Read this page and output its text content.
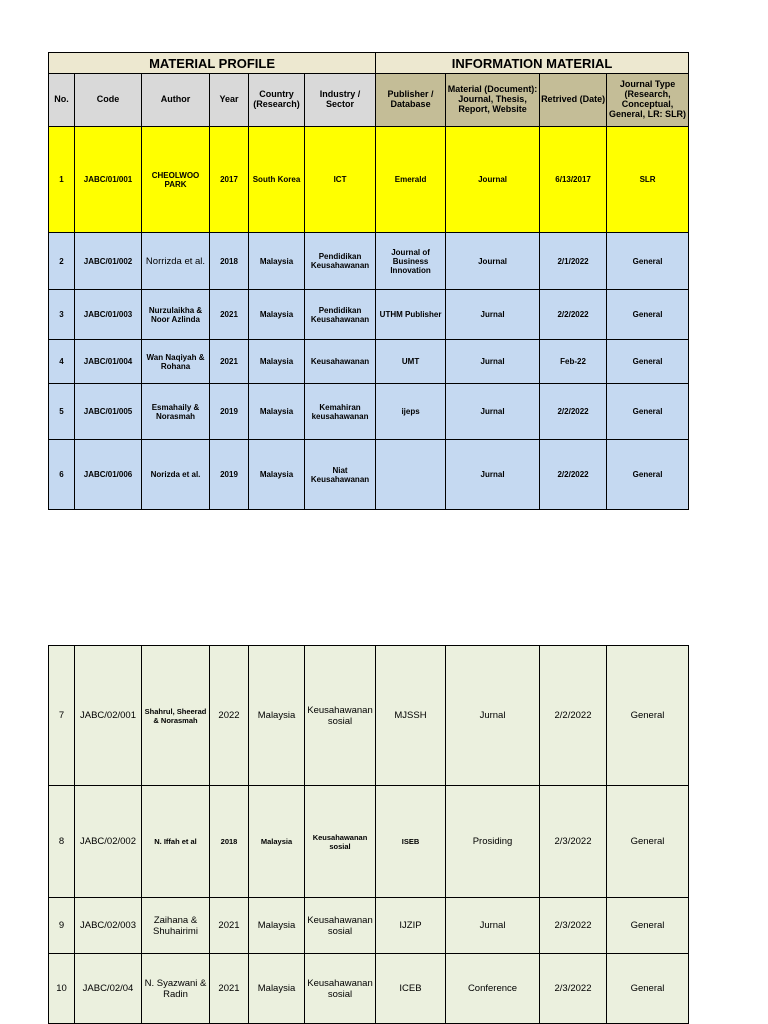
MATERIAL PROFILE						INFORMATION MATERIAL			
No.	Code	Author	Year	Country (Research)	Industry / Sector	Publisher / Database	Material (Document): Journal, Thesis, Report, Website	Retrived (Date)	Journal Type (Research, Conceptual, General, LR: SLR)
1	JABC/01/001	CHEOLWOO PARK	2017	South Korea	ICT	Emerald	Journal	6/13/2017	SLR
2	JABC/01/002	Norrizda et al.	2018	Malaysia	Pendidikan Keusahawanan	Journal of Business Innovation	Journal	2/1/2022	General
3	JABC/01/003	Nurzulaikha & Noor Azlinda	2021	Malaysia	Pendidikan Keusahawanan	UTHM Publisher	Jurnal	2/2/2022	General
4	JABC/01/004	Wan Naqiyah & Rohana	2021	Malaysia	Keusahawanan	UMT	Jurnal	Feb-22	General
5	JABC/01/005	Esmahaily & Norasmah	2019	Malaysia	Kemahiran keusahawanan	ijeps	Jurnal	2/2/2022	General
6	JABC/01/006	Norizda et al.	2019	Malaysia	Niat Keusahawanan		Jurnal	2/2/2022	General
7	JABC/02/001	Shahrul, Sheerad & Norasmah	2022	Malaysia	Keusahawanan sosial	MJSSH	Jurnal	2/2/2022	General
8	JABC/02/002	N. Iffah et al	2018	Malaysia	Keusahawanan sosial	ISEB	Prosiding	2/3/2022	General
9	JABC/02/003	Zaihana & Shuhairimi	2021	Malaysia	Keusahawanan sosial	IJZIP	Jurnal	2/3/2022	General
10	JABC/02/04	N. Syazwani & Radin	2021	Malaysia	Keusahawanan sosial	ICEB	Conference	2/3/2022	General
